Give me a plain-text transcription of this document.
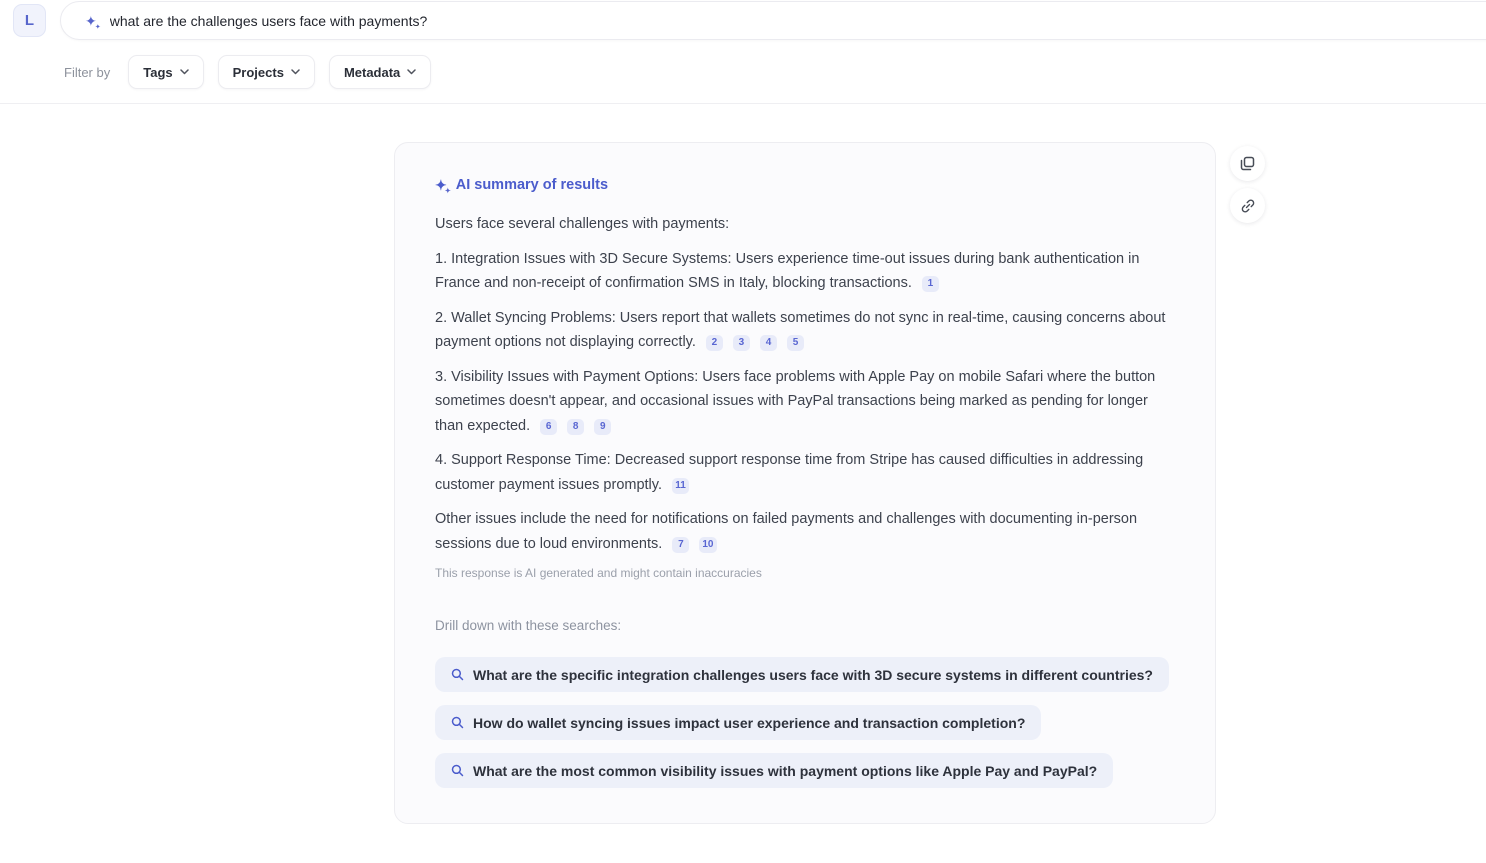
L	✦
✦
what are the challenges users face with payments?
Filter by	Tags	Projects	Metadata
✦
✦ AI summary of results

Users face several challenges with payments:

1. Integration Issues with 3D Secure Systems: Users experience time-out issues during bank authentication in France and non-receipt of confirmation SMS in Italy, blocking transactions. 1

2. Wallet Syncing Problems: Users report that wallets sometimes do not sync in real-time, causing concerns about payment options not displaying correctly. 2 3 4 5

3. Visibility Issues with Payment Options: Users face problems with Apple Pay on mobile Safari where the button sometimes doesn't appear, and occasional issues with PayPal transactions being marked as pending for longer than expected. 6 8 9

4. Support Response Time: Decreased support response time from Stripe has caused difficulties in addressing customer payment issues promptly. 11

Other issues include the need for notifications on failed payments and challenges with documenting in-person sessions due to loud environments. 7 10

This response is AI generated and might contain inaccuracies

Drill down with these searches:

What are the specific integration challenges users face with 3D secure systems in different countries?
How do wallet syncing issues impact user experience and transaction completion?
What are the most common visibility issues with payment options like Apple Pay and PayPal?
